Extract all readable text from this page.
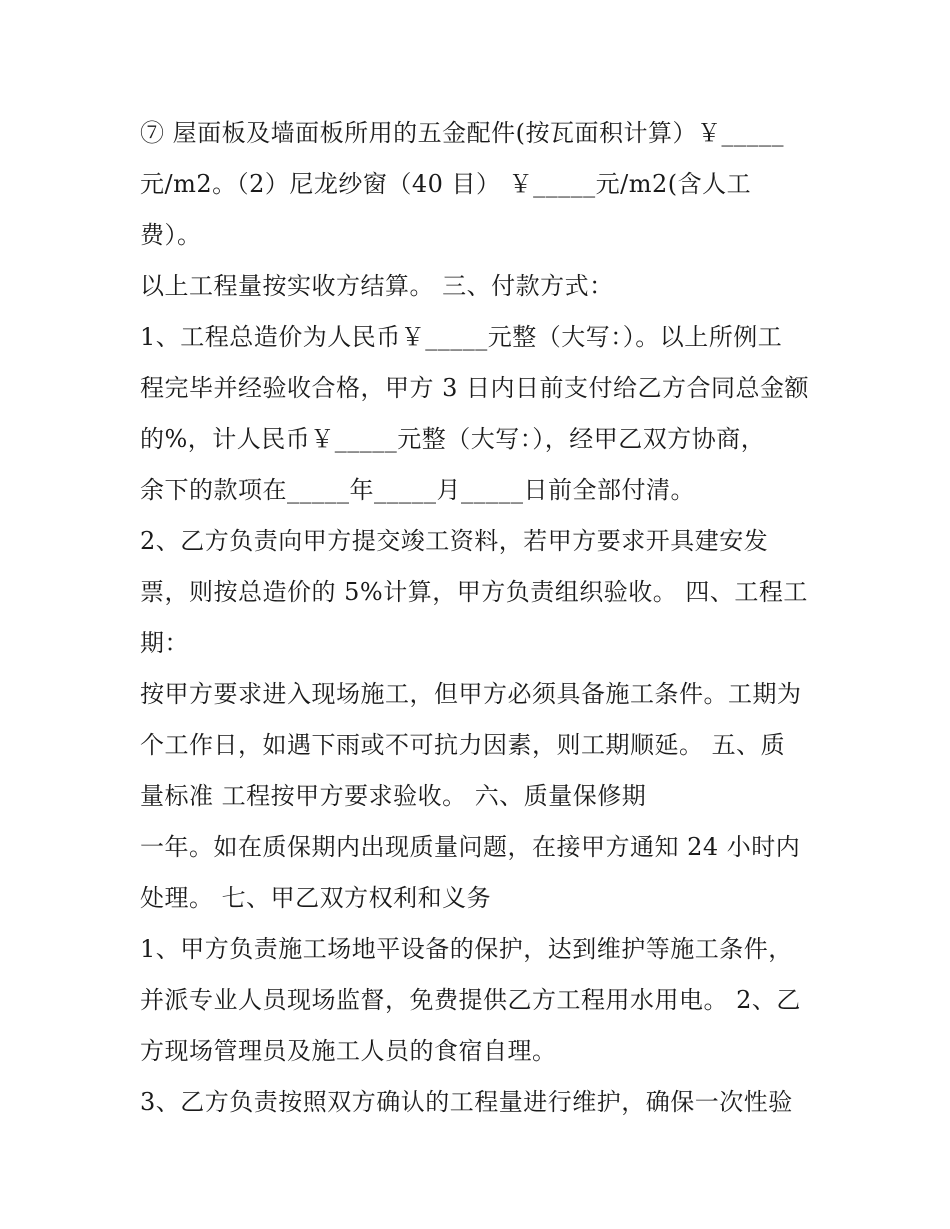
⑦ 屋面板及墙面板所用的五金配件(按瓦面积计算）￥_____
元/m2。（2）尼龙纱窗（40 目） ￥_____元/m2(含人工
费）。
以上工程量按实收方结算。 三、付款方式：
1、工程总造价为人民币￥_____元整（大写：）。以上所例工
程完毕并经验收合格，甲方 3 日内日前支付给乙方合同总金额
的%，计人民币￥_____元整（大写：），经甲乙双方协商，
余下的款项在_____年_____月_____日前全部付清。
2、乙方负责向甲方提交竣工资料，若甲方要求开具建安发
票，则按总造价的 5%计算，甲方负责组织验收。 四、工程工
期：
按甲方要求进入现场施工，但甲方必须具备施工条件。工期为
个工作日，如遇下雨或不可抗力因素，则工期顺延。 五、质
量标准 工程按甲方要求验收。 六、质量保修期
一年。如在质保期内出现质量问题，在接甲方通知 24 小时内
处理。 七、甲乙双方权利和义务
1、甲方负责施工场地平设备的保护，达到维护等施工条件，
并派专业人员现场监督，免费提供乙方工程用水用电。 2、乙
方现场管理员及施工人员的食宿自理。
3、乙方负责按照双方确认的工程量进行维护，确保一次性验
